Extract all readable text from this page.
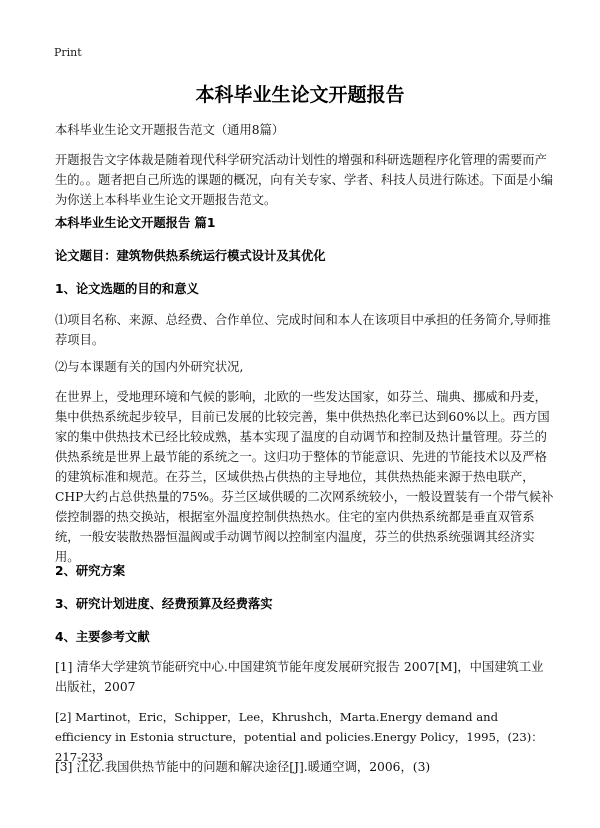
Print
本科毕业生论文开题报告
本科毕业生论文开题报告范文（通用8篇）
开题报告文字体裁是随着现代科学研究活动计划性的增强和科研选题程序化管理的需要而产生的。。题者把自己所选的课题的概况，向有关专家、学者、科技人员进行陈述。下面是小编为你送上本科毕业生论文开题报告范文。
本科毕业生论文开题报告 篇1
论文题目：建筑物供热系统运行模式设计及其优化
1、论文选题的目的和意义
⑴项目名称、来源、总经费、合作单位、完成时间和本人在该项目中承担的任务简介,导师推荐项目。
⑵与本课题有关的国内外研究状况,
在世界上，受地理环境和气候的影响，北欧的一些发达国家，如芬兰、瑞典、挪威和丹麦，集中供热系统起步较早，目前已发展的比较完善，集中供热热化率已达到60%以上。西方国家的集中供热技术已经比较成熟，基本实现了温度的自动调节和控制及热计量管理。芬兰的供热系统是世界上最节能的系统之一。这归功于整体的节能意识、先进的节能技术以及严格的建筑标准和规范。在芬兰，区域供热占供热的主导地位，其供热热能来源于热电联产，CHP大约占总供热量的75%。芬兰区域供暖的二次网系统较小，一般设置装有一个带气候补偿控制器的热交换站，根据室外温度控制供热热水。住宅的室内供热系统都是垂直双管系统，一般安装散热器恒温阀或手动调节阀以控制室内温度，芬兰的供热系统强调其经济实用。
2、研究方案
3、研究计划进度、经费预算及经费落实
4、主要参考文献
[1] 清华大学建筑节能研究中心.中国建筑节能年度发展研究报告 2007[M]，中国建筑工业出版社，2007
[2] Martinot，Eric，Schipper，Lee，Khrushch，Marta.Energy demand and efficiency in Estonia structure，potential and policies.Energy Policy，1995，(23)：217-233
[3] 江亿.我国供热节能中的问题和解决途径[J].暖通空调，2006，(3)
